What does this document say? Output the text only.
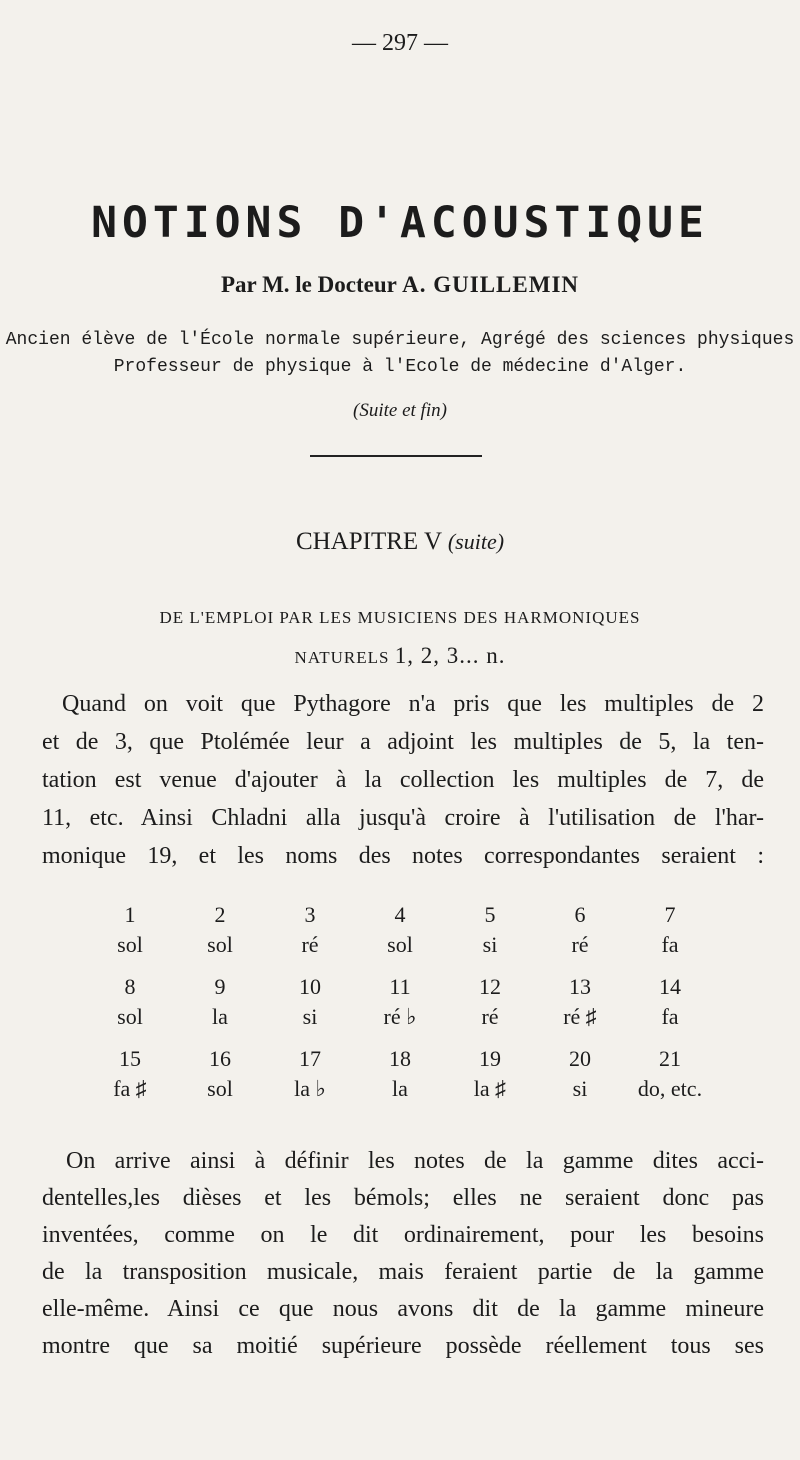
— 297 —
NOTIONS D'ACOUSTIQUE
Par M. le Docteur A. GUILLEMIN
Ancien élève de l'École normale supérieure, Agrégé des sciences physiques
Professeur de physique à l'Ecole de médecine d'Alger.
(Suite et fin)
CHAPITRE V (suite)
DE L'EMPLOI PAR LES MUSICIENS DES HARMONIQUES
NATURELS 1, 2, 3... n.
Quand on voit que Pythagore n'a pris que les multiples de 2
et de 3, que Ptolémée leur a adjoint les multiples de 5, la ten-
tation est venue d'ajouter à la collection les multiples de 7, de
11, etc. Ainsi Chladni alla jusqu'à croire à l'utilisation de l'har-
monique 19, et les noms des notes correspondantes seraient :
1	2	3	4	5	6	7
sol	sol	ré	sol	si	ré	fa
8	9	10	11	12	13	14
sol	la	si	ré ♭	ré	ré ♯	fa
15	16	17	18	19	20	21
fa ♯	sol	la ♭	la	la ♯	si	do, etc.
On arrive ainsi à définir les notes de la gamme dites acci-
dentelles,les dièses et les bémols; elles ne seraient donc pas
inventées, comme on le dit ordinairement, pour les besoins
de la transposition musicale, mais feraient partie de la gamme
elle-même. Ainsi ce que nous avons dit de la gamme mineure
montre que sa moitié supérieure possède réellement tous ses
